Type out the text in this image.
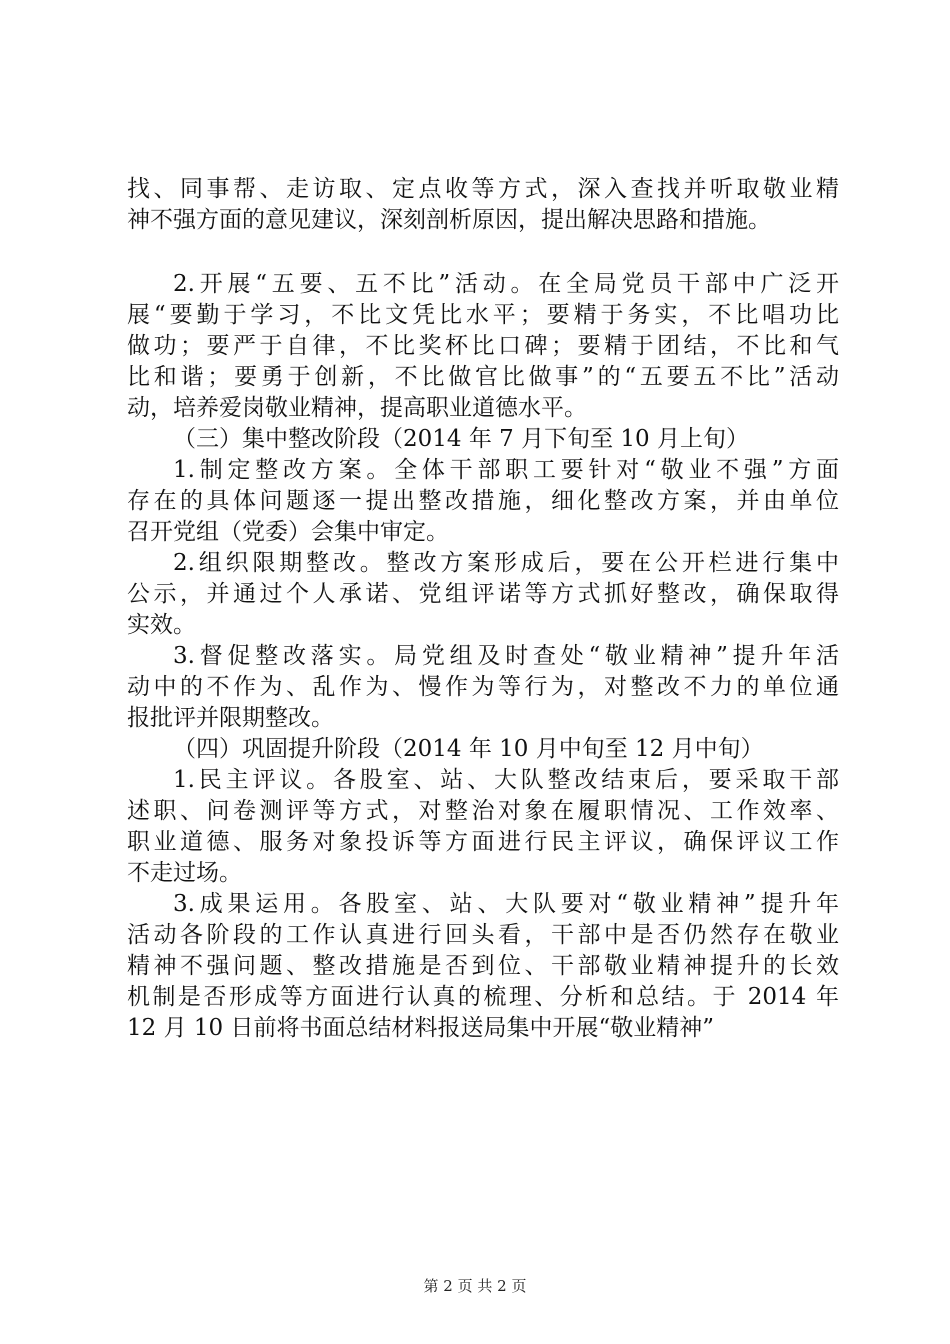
找、同事帮、走访取、定点收等方式，深入查找并听取敬业精
神不强方面的意见建议，深刻剖析原因，提出解决思路和措施。
2.开展“五要、五不比”活动。在全局党员干部中广泛开
展“要勤于学习，不比文凭比水平；要精于务实，不比唱功比
做功；要严于自律，不比奖杯比口碑；要精于团结，不比和气
比和谐；要勇于创新，不比做官比做事”的“五要五不比”活动
动，培养爱岗敬业精神，提高职业道德水平。
（三）集中整改阶段（2014 年 7 月下旬至 10 月上旬）
1.制定整改方案。全体干部职工要针对“敬业不强”方面
存在的具体问题逐一提出整改措施，细化整改方案，并由单位
召开党组（党委）会集中审定。
2.组织限期整改。整改方案形成后，要在公开栏进行集中
公示，并通过个人承诺、党组评诺等方式抓好整改，确保取得
实效。
3.督促整改落实。局党组及时查处“敬业精神”提升年活
动中的不作为、乱作为、慢作为等行为，对整改不力的单位通
报批评并限期整改。
（四）巩固提升阶段（2014 年 10 月中旬至 12 月中旬）
1.民主评议。各股室、站、大队整改结束后，要采取干部
述职、问卷测评等方式，对整治对象在履职情况、工作效率、
职业道德、服务对象投诉等方面进行民主评议，确保评议工作
不走过场。
3.成果运用。各股室、站、大队要对“敬业精神”提升年
活动各阶段的工作认真进行回头看，干部中是否仍然存在敬业
精神不强问题、整改措施是否到位、干部敬业精神提升的长效
机制是否形成等方面进行认真的梳理、分析和总结。于 2014 年
12 月 10 日前将书面总结材料报送局集中开展“敬业精神”
第 2 页 共 2 页
